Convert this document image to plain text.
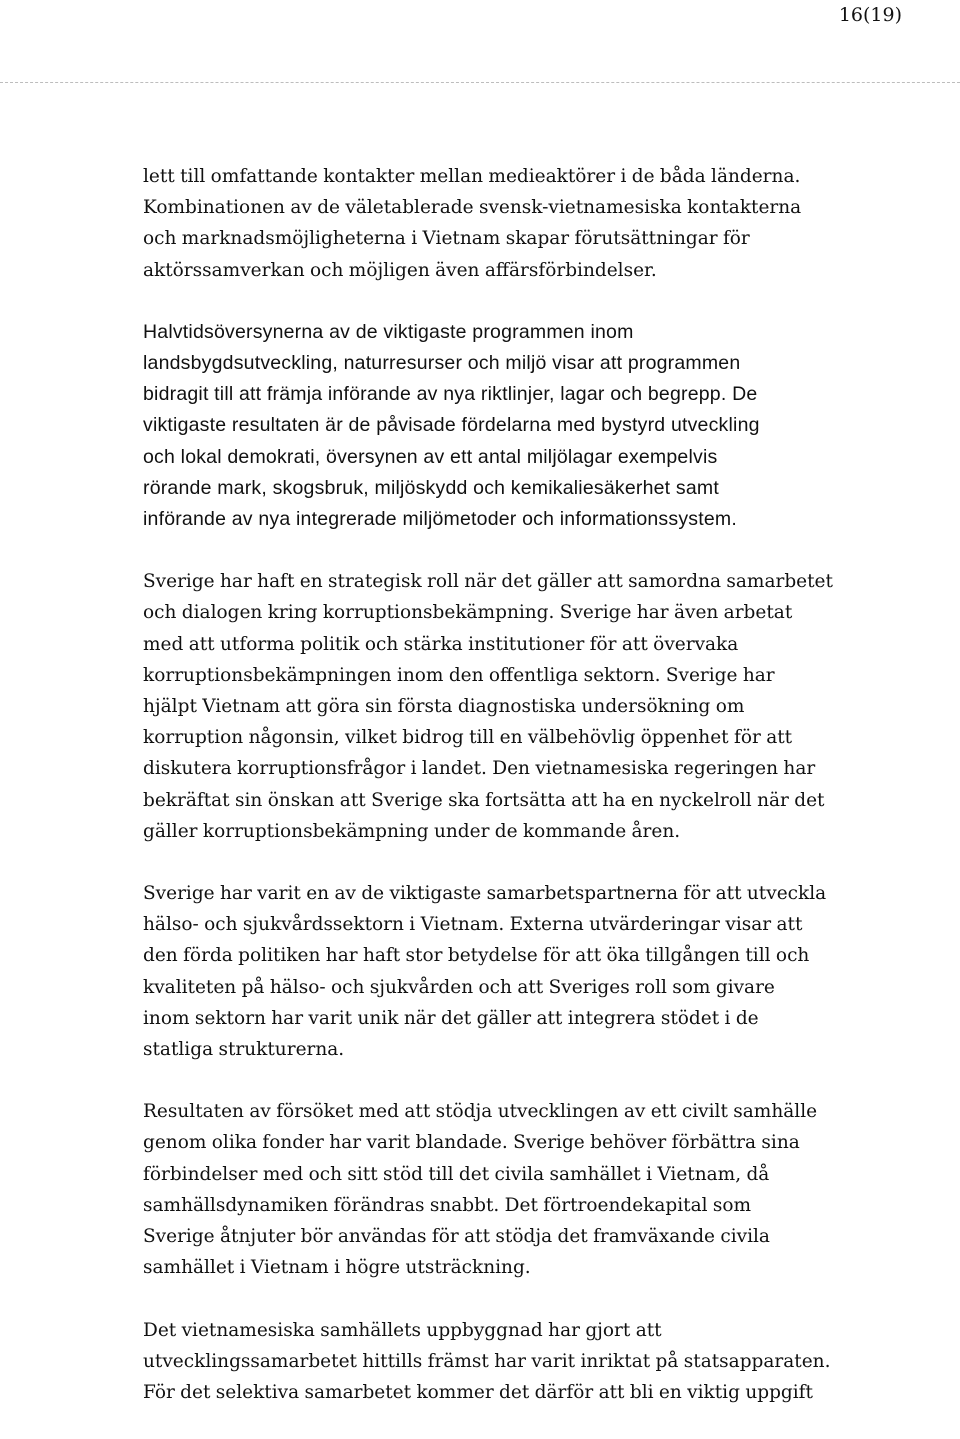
16(19)

lett till omfattande kontakter mellan medieaktörer i de båda länderna.
Kombinationen av de väletablerade svensk-vietnamesiska kontakterna
och marknadsmöjligheterna i Vietnam skapar förutsättningar för
aktörssamverkan och möjligen även affärsförbindelser.

Halvtidsöversynerna av de viktigaste programmen inom
landsbygdsutveckling, naturresurser och miljö visar att programmen
bidragit till att främja införande av nya riktlinjer, lagar och begrepp. De
viktigaste resultaten är de påvisade fördelarna med bystyrd utveckling
och lokal demokrati, översynen av ett antal miljölagar exempelvis
rörande mark, skogsbruk, miljöskydd och kemikaliesäkerhet samt
införande av nya integrerade miljömetoder och informationssystem.

Sverige har haft en strategisk roll när det gäller att samordna samarbetet
och dialogen kring korruptionsbekämpning. Sverige har även arbetat
med att utforma politik och stärka institutioner för att övervaka
korruptionsbekämpningen inom den offentliga sektorn. Sverige har
hjälpt Vietnam att göra sin första diagnostiska undersökning om
korruption någonsin, vilket bidrog till en välbehövlig öppenhet för att
diskutera korruptionsfrågor i landet. Den vietnamesiska regeringen har
bekräftat sin önskan att Sverige ska fortsätta att ha en nyckelroll när det
gäller korruptionsbekämpning under de kommande åren.

Sverige har varit en av de viktigaste samarbetspartnerna för att utveckla
hälso- och sjukvårdssektorn i Vietnam. Externa utvärderingar visar att
den förda politiken har haft stor betydelse för att öka tillgången till och
kvaliteten på hälso- och sjukvården och att Sveriges roll som givare
inom sektorn har varit unik när det gäller att integrera stödet i de
statliga strukturerna.

Resultaten av försöket med att stödja utvecklingen av ett civilt samhälle
genom olika fonder har varit blandade. Sverige behöver förbättra sina
förbindelser med och sitt stöd till det civila samhället i Vietnam, då
samhällsdynamiken förändras snabbt. Det förtroendekapital som
Sverige åtnjuter bör användas för att stödja det framväxande civila
samhället i Vietnam i högre utsträckning.

Det vietnamesiska samhällets uppbyggnad har gjort att
utvecklingssamarbetet hittills främst har varit inriktat på statsapparaten.
För det selektiva samarbetet kommer det därför att bli en viktig uppgift
